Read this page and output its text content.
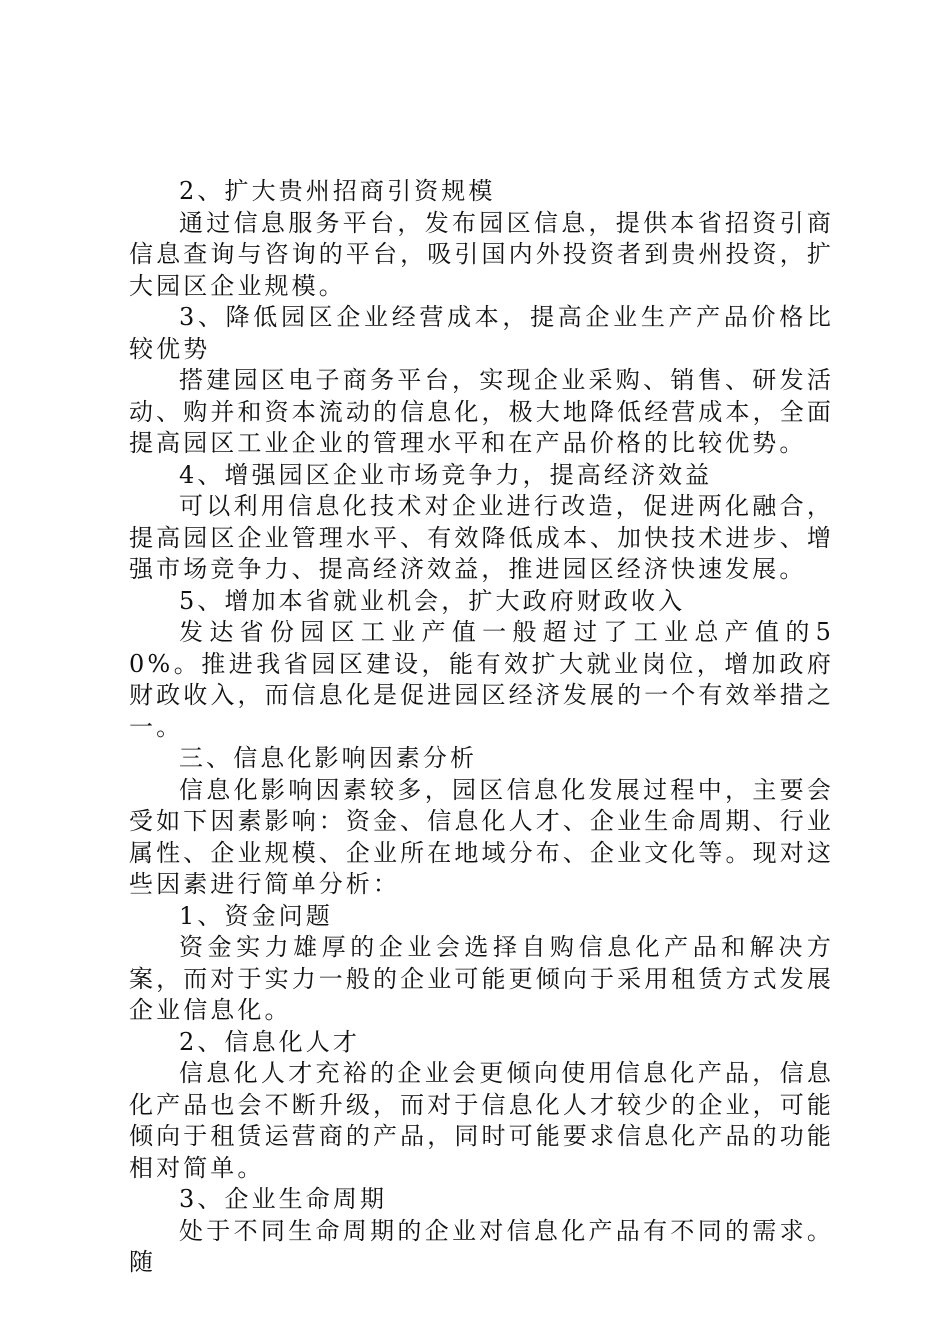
2、扩大贵州招商引资规模

通过信息服务平台，发布园区信息，提供本省招资引商信息查询与咨询的平台，吸引国内外投资者到贵州投资，扩大园区企业规模。

3、降低园区企业经营成本，提高企业生产产品价格比较优势

搭建园区电子商务平台，实现企业采购、销售、研发活动、购并和资本流动的信息化，极大地降低经营成本，全面提高园区工业企业的管理水平和在产品价格的比较优势。

4、增强园区企业市场竞争力，提高经济效益

可以利用信息化技术对企业进行改造，促进两化融合，提高园区企业管理水平、有效降低成本、加快技术进步、增强市场竞争力、提高经济效益，推进园区经济快速发展。

5、增加本省就业机会，扩大政府财政收入

发达省份园区工业产值一般超过了工业总产值的50%。推进我省园区建设，能有效扩大就业岗位，增加政府财政收入，而信息化是促进园区经济发展的一个有效举措之一。

三、信息化影响因素分析

信息化影响因素较多，园区信息化发展过程中，主要会受如下因素影响：资金、信息化人才、企业生命周期、行业属性、企业规模、企业所在地域分布、企业文化等。现对这些因素进行简单分析：

1、资金问题

资金实力雄厚的企业会选择自购信息化产品和解决方案，而对于实力一般的企业可能更倾向于采用租赁方式发展企业信息化。

2、信息化人才

信息化人才充裕的企业会更倾向使用信息化产品，信息化产品也会不断升级，而对于信息化人才较少的企业，可能倾向于租赁运营商的产品，同时可能要求信息化产品的功能相对简单。

3、企业生命周期

处于不同生命周期的企业对信息化产品有不同的需求。随
